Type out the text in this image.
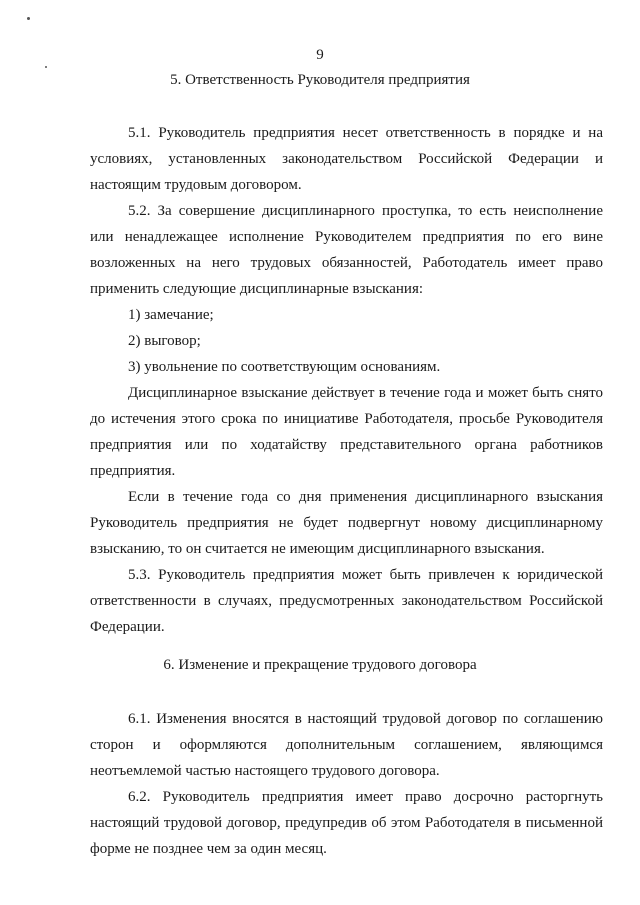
9
5. Ответственность Руководителя предприятия

5.1. Руководитель предприятия несет ответственность в порядке и на условиях, установленных законодательством Российской Федерации и настоящим трудовым договором.

5.2. За совершение дисциплинарного проступка, то есть неисполнение или ненадлежащее исполнение Руководителем предприятия по его вине возложенных на него трудовых обязанностей, Работодатель имеет право применить следующие дисциплинарные взыскания:

1) замечание;

2) выговор;

3) увольнение по соответствующим основаниям.

Дисциплинарное взыскание действует в течение года и может быть снято до истечения этого срока по инициативе Работодателя, просьбе Руководителя предприятия или по ходатайству представительного органа работников предприятия.

Если в течение года со дня применения дисциплинарного взыскания Руководитель предприятия не будет подвергнут новому дисциплинарному взысканию, то он считается не имеющим дисциплинарного взыскания.

5.3. Руководитель предприятия может быть привлечен к юридической ответственности в случаях, предусмотренных законодательством Российской Федерации.

6. Изменение и прекращение трудового договора

6.1. Изменения вносятся в настоящий трудовой договор по соглашению сторон и оформляются дополнительным соглашением, являющимся неотъемлемой частью настоящего трудового договора.

6.2. Руководитель предприятия имеет право досрочно расторгнуть настоящий трудовой договор, предупредив об этом Работодателя в письменной форме не позднее чем за один месяц.
